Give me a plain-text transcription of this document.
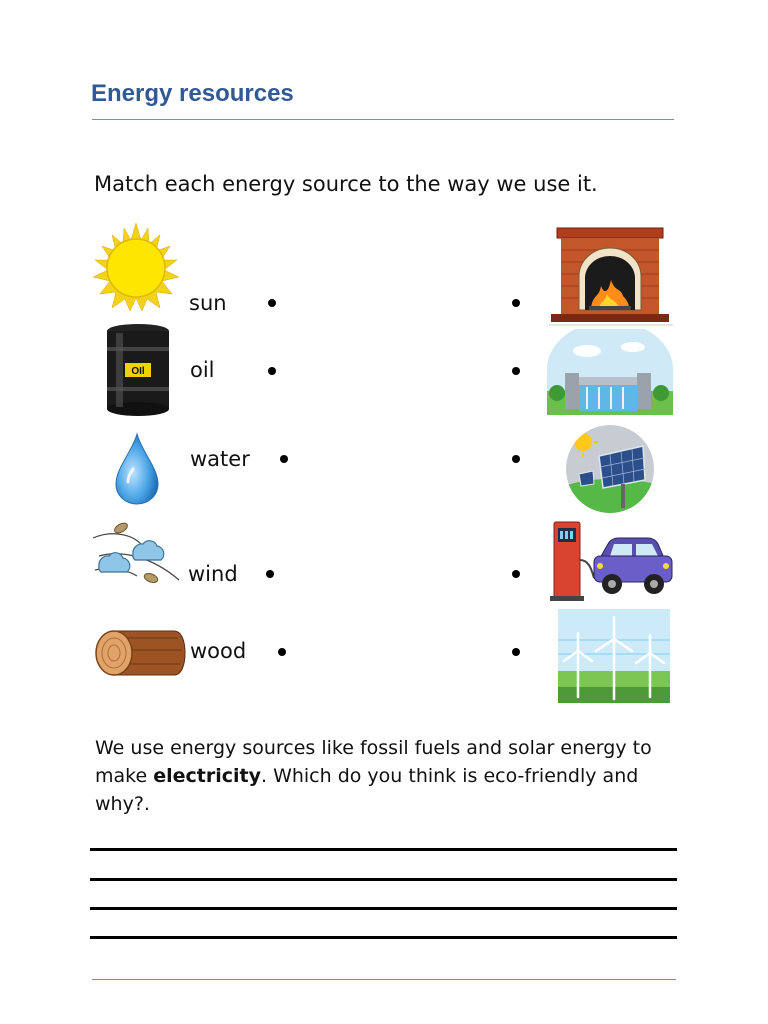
Energy resources
Match each energy source to the way we use it.
sun
OIl oil
water
wind
wood
We use energy sources like fossil fuels and solar energy to make electricity. Which do you think is eco-friendly and why?.
